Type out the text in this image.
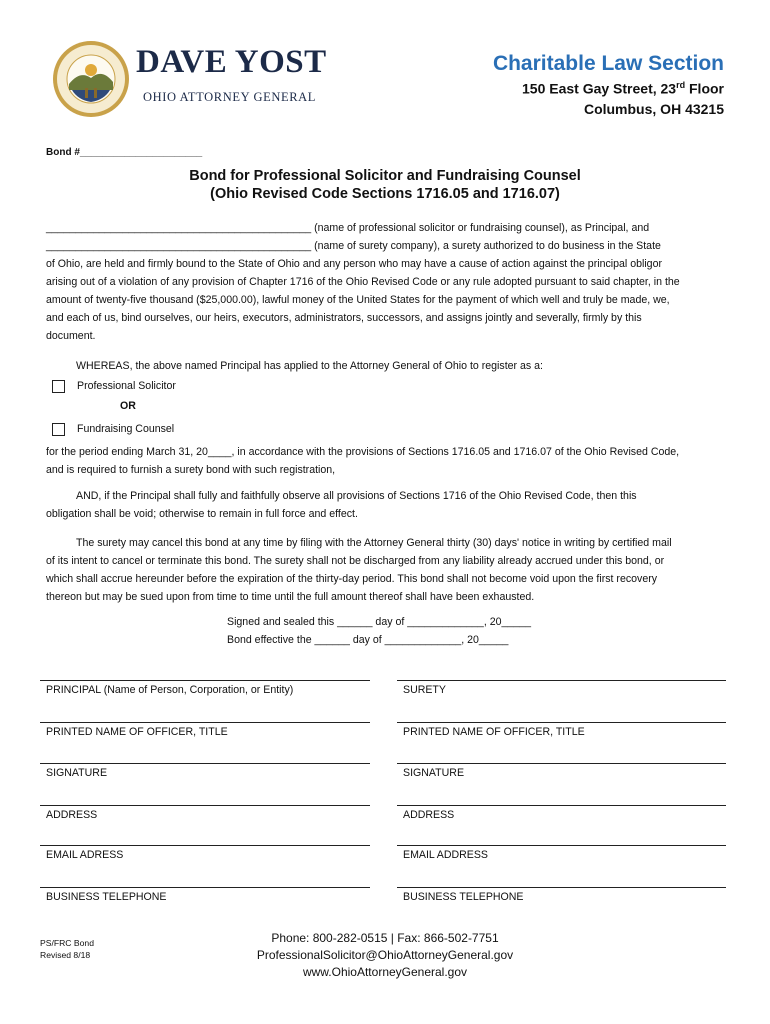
DAVE YOST
OHIO ATTORNEY GENERAL
Charitable Law Section
150 East Gay Street, 23rd Floor
Columbus, OH 43215
Bond #______________________
Bond for Professional Solicitor and Fundraising Counsel
(Ohio Revised Code Sections 1716.05 and 1716.07)
_____________________________________________ (name of professional solicitor or fundraising counsel), as Principal, and
_____________________________________________ (name of surety company), a surety authorized to do business in the State
of Ohio, are held and firmly bound to the State of Ohio and any person who may have a cause of action against the principal obligor
arising out of a violation of any provision of Chapter 1716 of the Ohio Revised Code or any rule adopted pursuant to said chapter, in the
amount of twenty-five thousand ($25,000.00), lawful money of the United States for the payment of which well and truly be made, we,
and each of us, bind ourselves, our heirs, executors, administrators, successors, and assigns jointly and severally, firmly by this
document.
WHEREAS, the above named Principal has applied to the Attorney General of Ohio to register as a:
Professional Solicitor
OR
Fundraising Counsel
for the period ending March 31, 20____, in accordance with the provisions of Sections 1716.05 and 1716.07 of the Ohio Revised Code,
and is required to furnish a surety bond with such registration,
AND, if the Principal shall fully and faithfully observe all provisions of Sections 1716 of the Ohio Revised Code, then this
obligation shall be void; otherwise to remain in full force and effect.
The surety may cancel this bond at any time by filing with the Attorney General thirty (30) days' notice in writing by certified mail
of its intent to cancel or terminate this bond. The surety shall not be discharged from any liability already accrued under this bond, or
which shall accrue hereunder before the expiration of the thirty-day period. This bond shall not become void upon the first recovery
thereon but may be sued upon from time to time until the full amount thereof shall have been exhausted.
Signed and sealed this ______ day of _____________, 20_____
Bond effective the ______ day of _____________, 20_____
PRINCIPAL (Name of Person, Corporation, or Entity)
PRINTED NAME OF OFFICER, TITLE
SIGNATURE
ADDRESS
EMAIL ADRESS
BUSINESS TELEPHONE
SURETY
PRINTED NAME OF OFFICER, TITLE
SIGNATURE
ADDRESS
EMAIL ADDRESS
BUSINESS TELEPHONE
PS/FRC Bond
Revised 8/18
Phone: 800-282-0515 | Fax: 866-502-7751
ProfessionalSolicitor@OhioAttorneyGeneral.gov
www.OhioAttorneyGeneral.gov
